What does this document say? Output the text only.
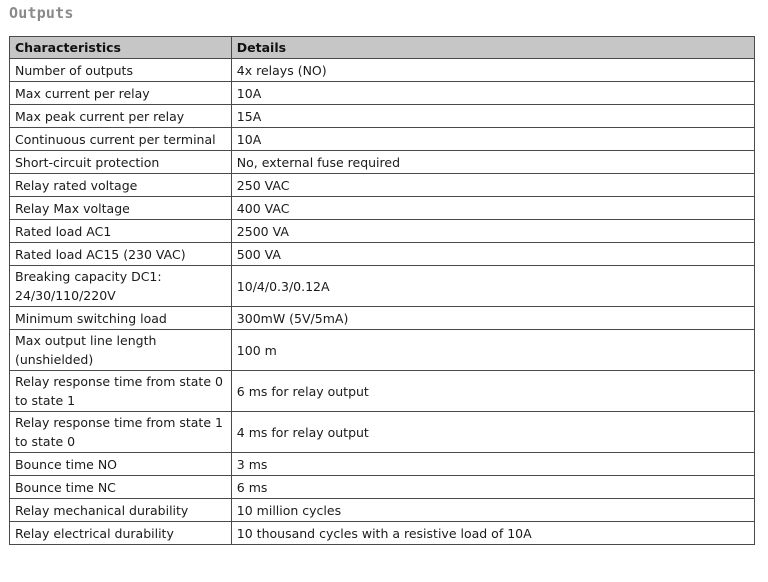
Outputs
Characteristics	Details
Number of outputs	4x relays (NO)
Max current per relay	10A
Max peak current per relay	15A
Continuous current per terminal	10A
Short-circuit protection	No, external fuse required
Relay rated voltage	250 VAC
Relay Max voltage	400 VAC
Rated load AC1	2500 VA
Rated load AC15 (230 VAC)	500 VA
Breaking capacity DC1: 24/30/110/220V	10/4/0.3/0.12A
Minimum switching load	300mW (5V/5mA)
Max output line length (unshielded)	100 m
Relay response time from state 0 to state 1	6 ms for relay output
Relay response time from state 1 to state 0	4 ms for relay output
Bounce time NO	3 ms
Bounce time NC	6 ms
Relay mechanical durability	10 million cycles
Relay electrical durability	10 thousand cycles with a resistive load of 10A
